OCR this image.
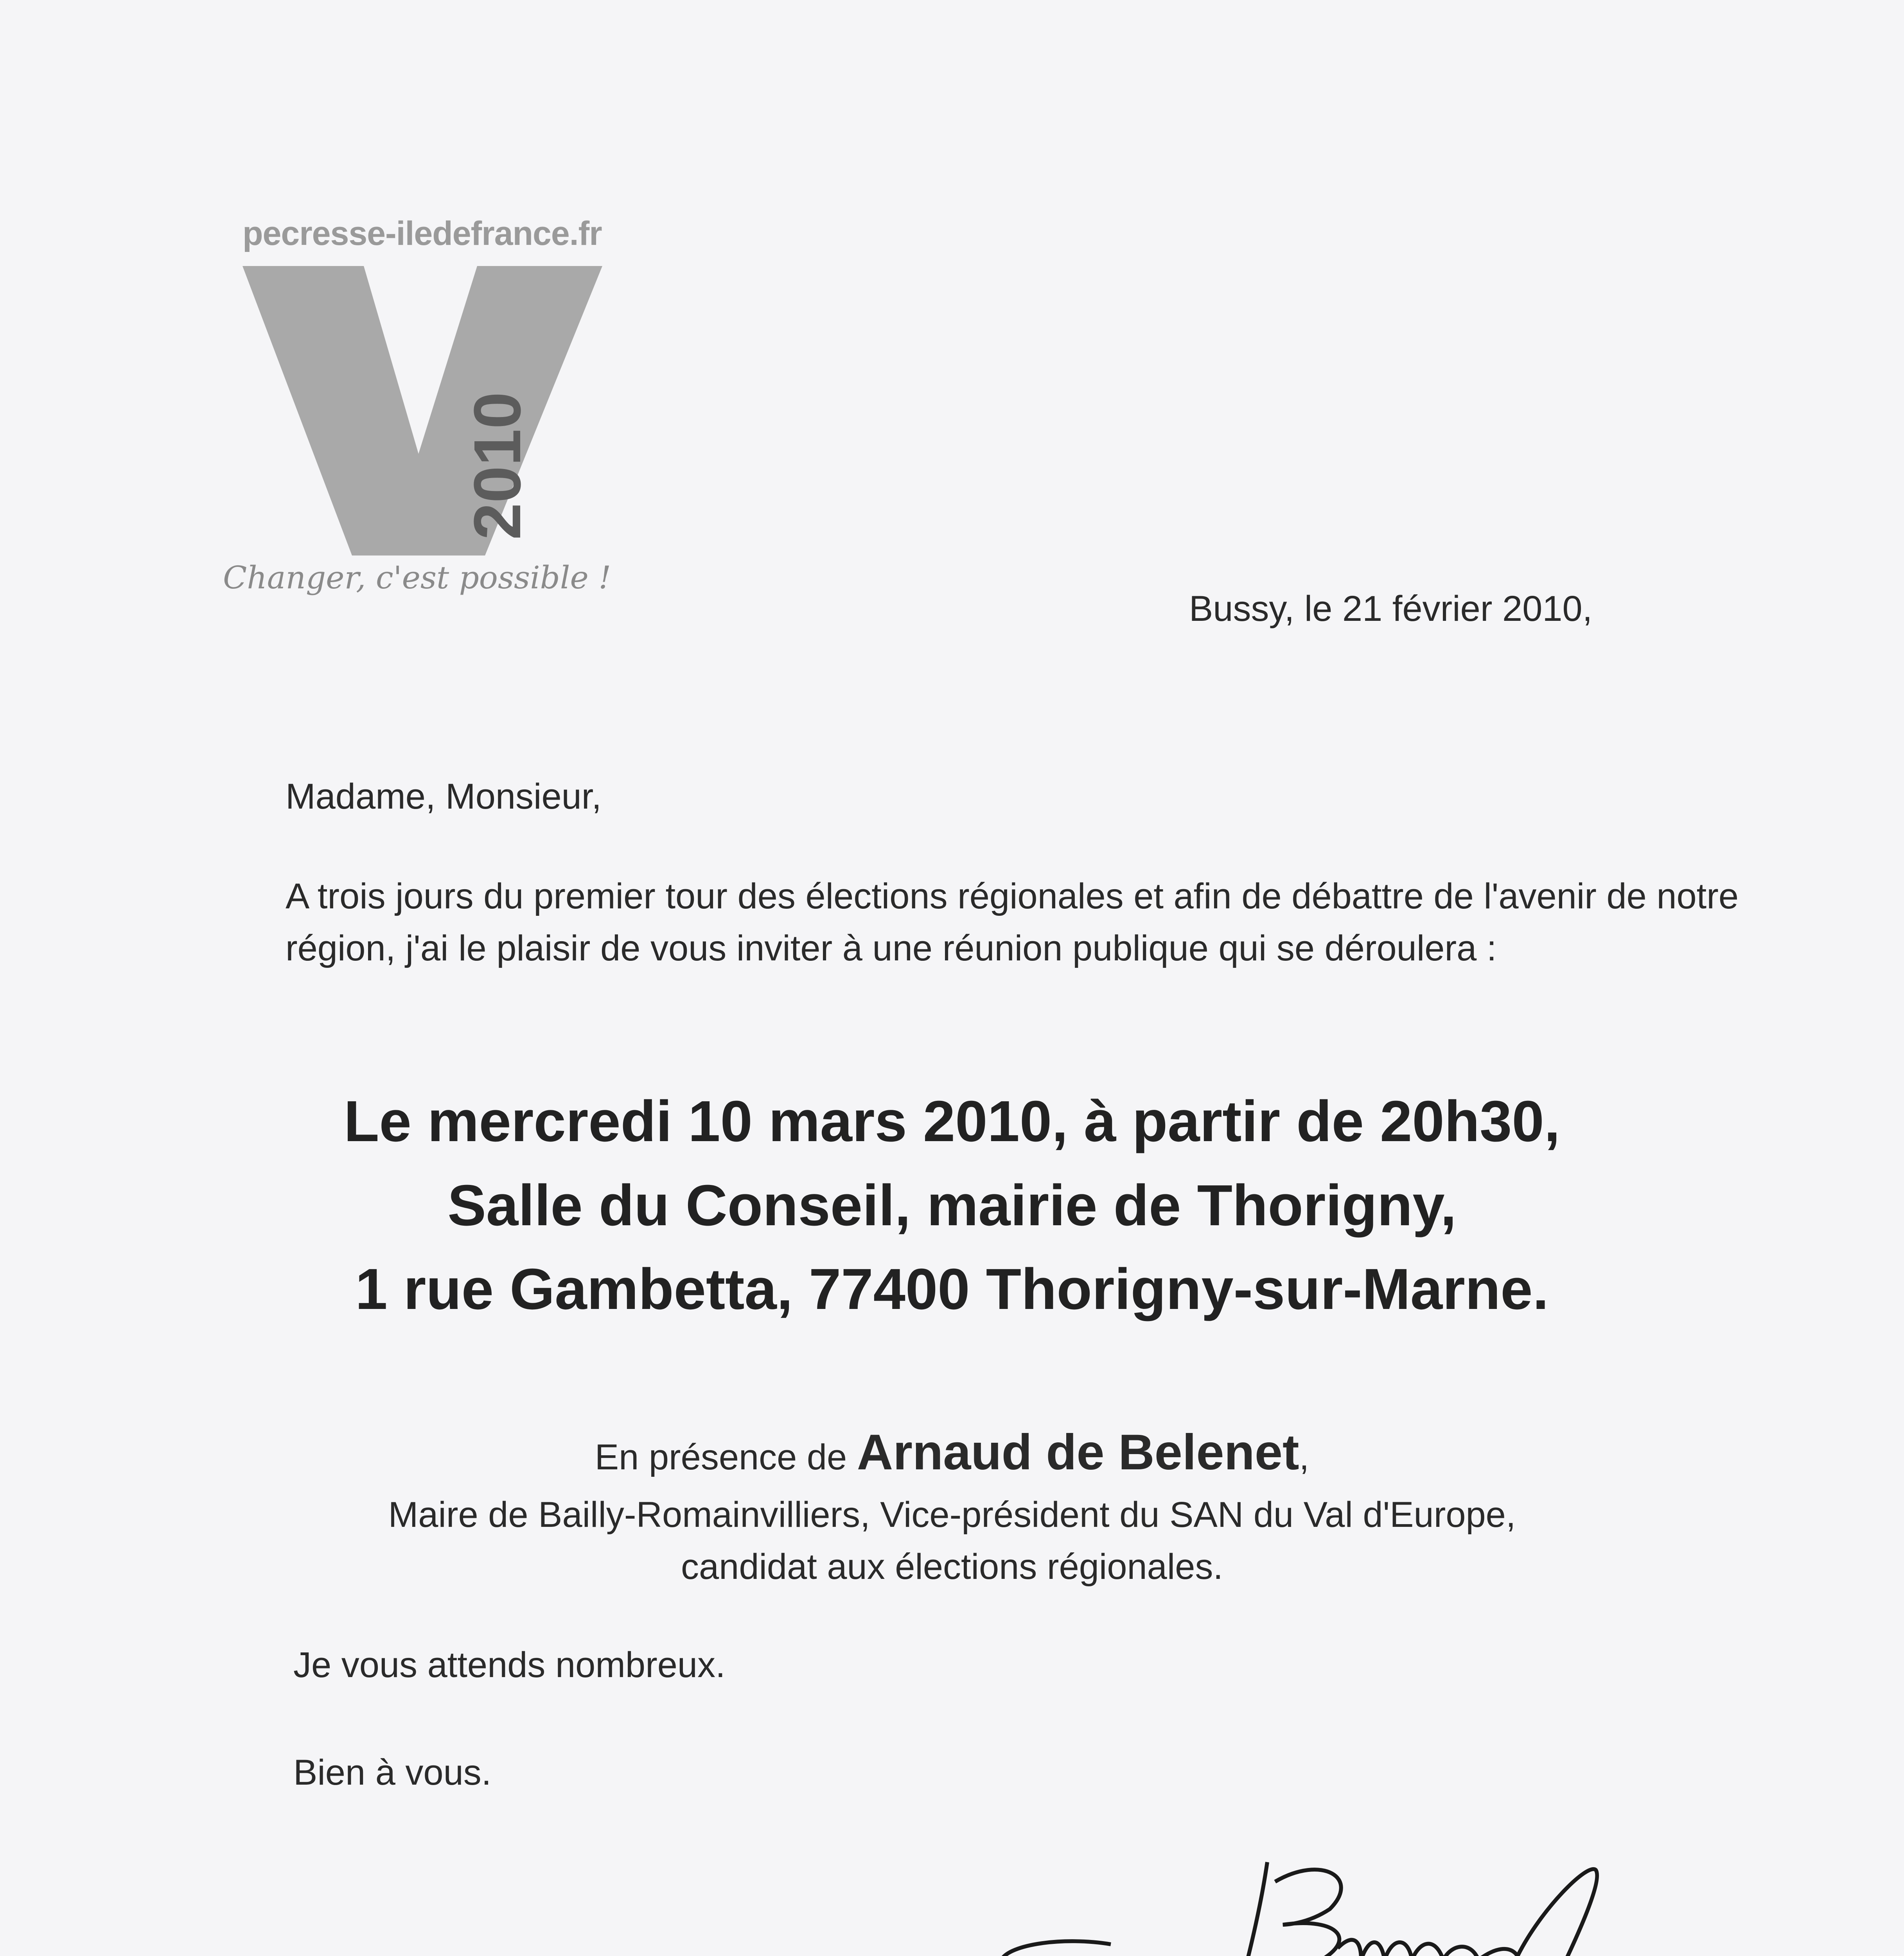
pecresse-iledefrance.fr
2010
Changer, c'est possible !
Bussy, le 21 février 2010,
Madame, Monsieur,
A trois jours du premier tour des élections régionales et afin de débattre de l'avenir de notre région, j'ai le plaisir de vous inviter à une réunion publique qui se déroulera :
Le mercredi 10 mars 2010, à partir de 20h30,
Salle du Conseil, mairie de Thorigny,
1 rue Gambetta, 77400 Thorigny-sur-Marne.
En présence de Arnaud de Belenet,
Maire de Bailly-Romainvilliers, Vice-président du SAN du Val d'Europe,
candidat aux élections régionales.
Je vous attends nombreux.
Bien à vous.
